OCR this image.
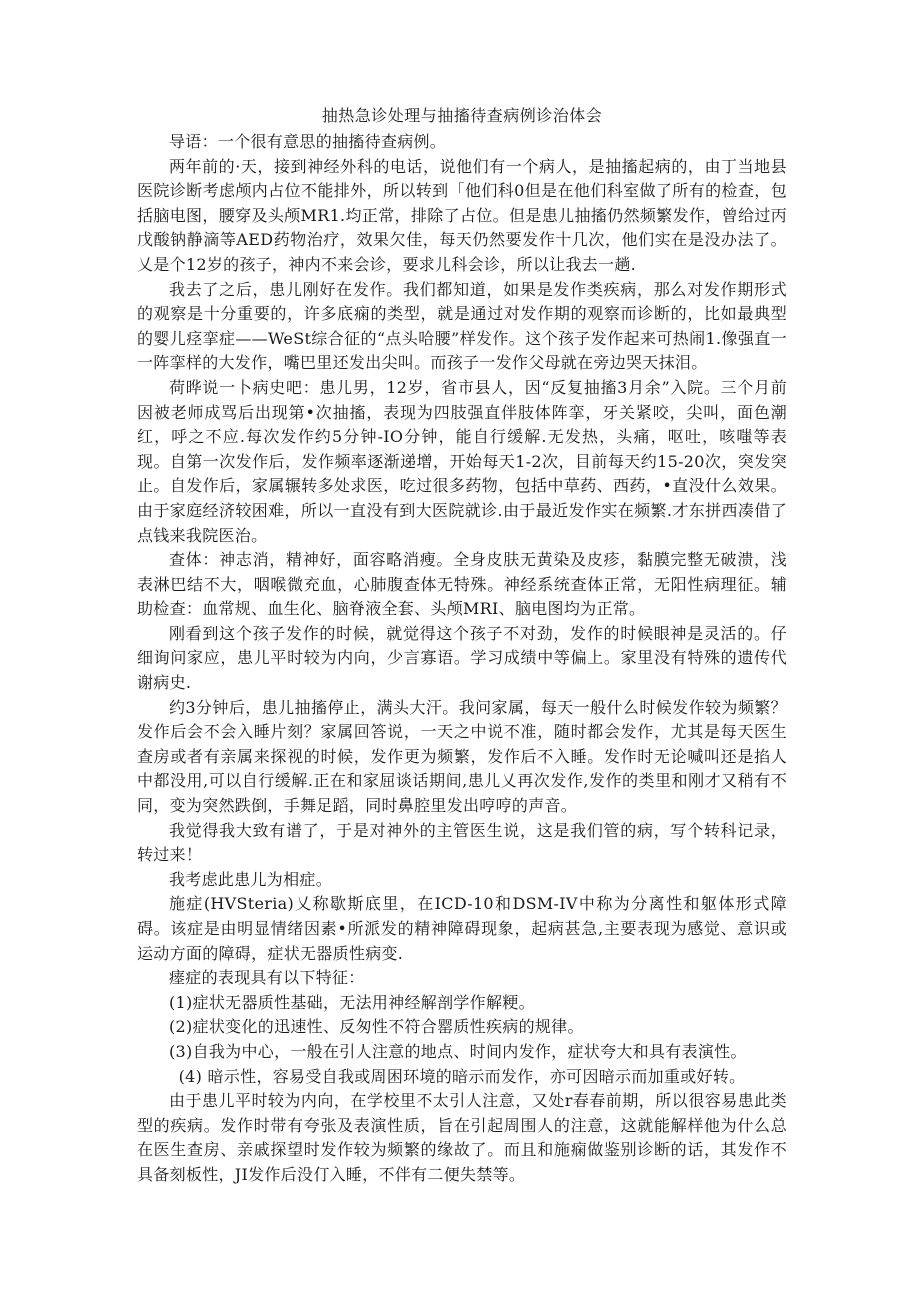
抽热急诊处理与抽搐待查病例诊治体会

导语：一个很有意思的抽搐待查病例。

两年前的·天，接到神经外科的电话，说他们有一个病人，是抽搐起病的，由丁当地县医院诊断考虑颅内占位不能排外，所以转到「他们科0但是在他们科室做了所有的检查，包括脑电图，腰穿及头颅MR1.均正常，排除了占位。但是患儿抽搐仍然频繁发作，曾给过丙戊酸钠静滴等AED药物治疗，效果欠佳，每天仍然要发作十几次，他们实在是没办法了。乂是个12岁的孩子，神内不来会诊，要求儿科会诊，所以让我去一趟.

我去了之后，患儿刚好在发作。我们都知道，如果是发作类疾病，那么对发作期形式的观察是十分重要的，许多底痫的类型，就是通过对发作期的观察而诊断的，比如最典型的婴儿痉挛症——WeSt综合征的“点头哈腰”样发作。这个孩子发作起来可热闹1.像强直一一阵挛样的大发作，嘴巴里还发出尖叫。而孩子一发作父母就在旁边哭天抹泪。

荷晔说一卜病史吧：患儿男，12岁，省市县人，因“反复抽搐3月余”入院。三个月前因被老师成骂后出现第•次抽搐，表现为四肢强直伴肢体阵挛，牙关紧咬，尖叫，面色潮红，呼之不应.每次发作约5分钟-IO分钟，能自行缓解.无发热，头痛，呕吐，咳嗤等表现。自第一次发作后，发作频率逐渐递增，开始每天1-2次，目前每天约15-20次，突发突止。自发作后，家属辗转多处求医，吃过很多药物，包括中草药、西药，•直没什么效果。由于家庭经济较困难，所以一直没有到大医院就诊.由于最近发作实在频繁.才东拼西凑借了点钱来我院医治。

查体：神志消，精神好，面容略消瘦。全身皮肤无黄染及皮疹，黏膜完整无破溃，浅表淋巴结不大，咽喉微充血，心肺腹查体无特殊。神经系统查体正常，无阳性病理征。辅助检查：血常规、血生化、脑脊液全套、头颅MRI、脑电图均为正常。

刚看到这个孩子发作的时候，就觉得这个孩子不对劲，发作的时候眼神是灵活的。仔细询问家应，患儿平时较为内向，少言寡语。学习成绩中等偏上。家里没有特殊的遗传代谢病史.

约3分钟后，患儿抽搐停止，满头大汗。我问家属，每天一般什么时候发作较为频繁？发作后会不会入睡片刻？家属回答说，一天之中说不准，随时都会发作，尤其是每天医生查房或者有亲属来探视的时候，发作更为频繁，发作后不入睡。发作时无论喊叫还是掐人中都没用,可以自行缓解.正在和家屈谈话期间,患儿乂再次发作,发作的类里和刚才又稍有不同，变为突然跌倒，手舞足蹈，同时鼻腔里发出哼哼的声音。

我觉得我大致有谱了，于是对神外的主管医生说，这是我们管的病，写个转科记录，转过来！

我考虑此患儿为相症。

施症(HVSteria)乂称歇斯底里，在ICD-10和DSM-IV中称为分离性和躯体形式障碍。该症是由明显情绪因素•所派发的精神障碍现象，起病甚急,主要表现为感觉、意识或运动方面的障碍，症状无器质性病变.

瘗症的表现具有以下特征：

(1)症状无器质性基础，无法用神经解剖学作解粳。

(2)症状变化的迅速性、反匆性不符合罂质性疾病的规律。

(3)自我为中心，一般在引人注意的地点、时间内发作，症状夸大和具有表演性。

(4) 暗示性，容易受自我或周困环境的暗示而发作，亦可因暗示而加重或好转。

由于患儿平时较为内向，在学校里不太引人注意，又处r春春前期，所以很容易患此类型的疾病。发作时带有夸张及表演性质，旨在引起周围人的注意，这就能解样他为什么总在医生查房、亲戚探望时发作较为频繁的缘故了。而且和施痫做鉴别诊断的话，其发作不具备刻板性，JI发作后没仃入睡，不伴有二便失禁等。
